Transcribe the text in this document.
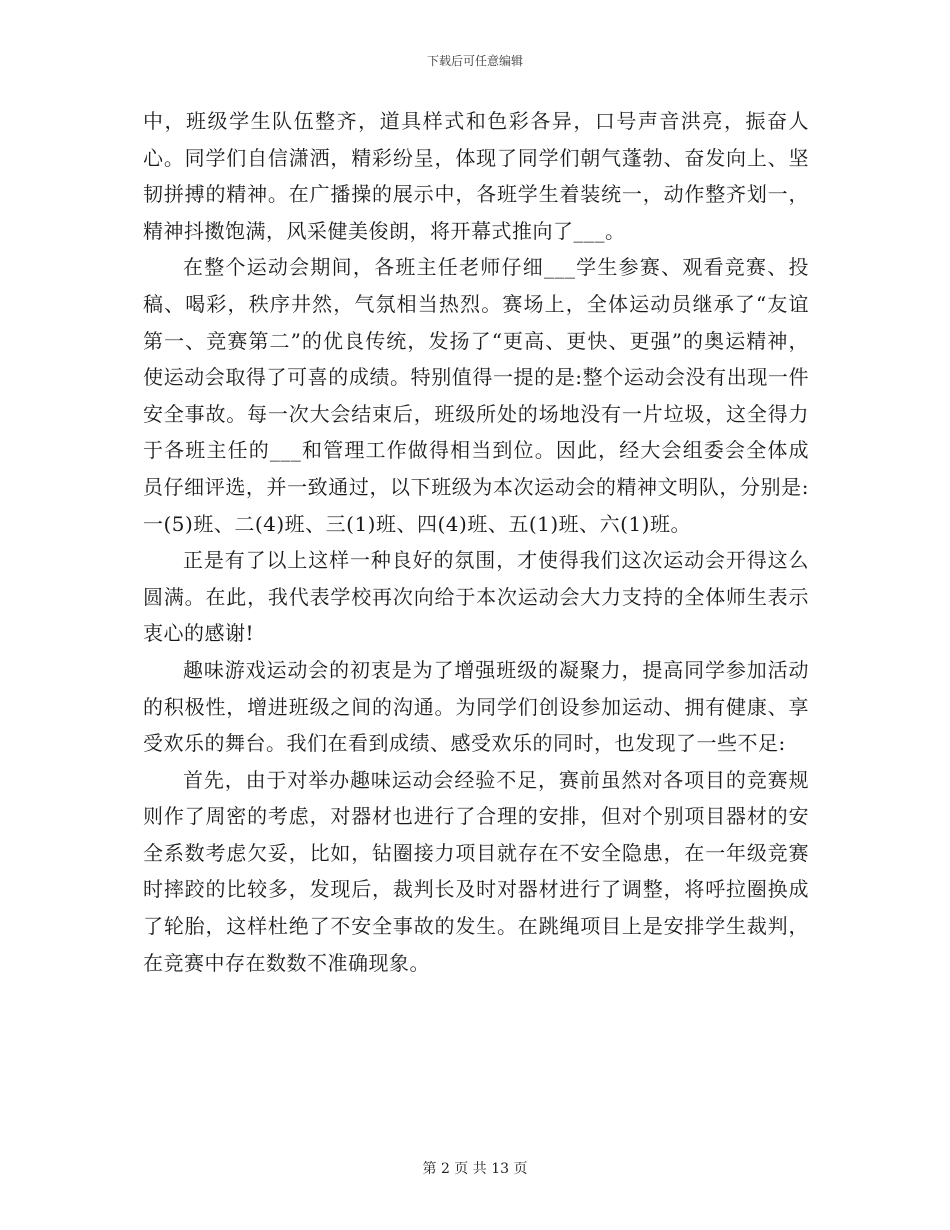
下载后可任意编辑

中，班级学生队伍整齐，道具样式和色彩各异，口号声音洪亮，振奋人心。同学们自信潇洒，精彩纷呈，体现了同学们朝气蓬勃、奋发向上、坚韧拼搏的精神。在广播操的展示中，各班学生着装统一，动作整齐划一，精神抖擞饱满，风采健美俊朗，将开幕式推向了___。

在整个运动会期间，各班主任老师仔细___学生参赛、观看竞赛、投稿、喝彩，秩序井然，气氛相当热烈。赛场上，全体运动员继承了“友谊第一、竞赛第二”的优良传统，发扬了“更高、更快、更强”的奥运精神，使运动会取得了可喜的成绩。特别值得一提的是:整个运动会没有出现一件安全事故。每一次大会结束后，班级所处的场地没有一片垃圾，这全得力于各班主任的___和管理工作做得相当到位。因此，经大会组委会全体成员仔细评选，并一致通过，以下班级为本次运动会的精神文明队，分别是:一(5)班、二(4)班、三(1)班、四(4)班、五(1)班、六(1)班。

正是有了以上这样一种良好的氛围，才使得我们这次运动会开得这么圆满。在此，我代表学校再次向给于本次运动会大力支持的全体师生表示衷心的感谢!

趣味游戏运动会的初衷是为了增强班级的凝聚力，提高同学参加活动的积极性，增进班级之间的沟通。为同学们创设参加运动、拥有健康、享受欢乐的舞台。我们在看到成绩、感受欢乐的同时，也发现了一些不足:

首先，由于对举办趣味运动会经验不足，赛前虽然对各项目的竞赛规则作了周密的考虑，对器材也进行了合理的安排，但对个别项目器材的安全系数考虑欠妥，比如，钻圈接力项目就存在不安全隐患，在一年级竞赛时摔跤的比较多，发现后，裁判长及时对器材进行了调整，将呼拉圈换成了轮胎，这样杜绝了不安全事故的发生。在跳绳项目上是安排学生裁判，在竞赛中存在数数不准确现象。

第 2 页 共 13 页
